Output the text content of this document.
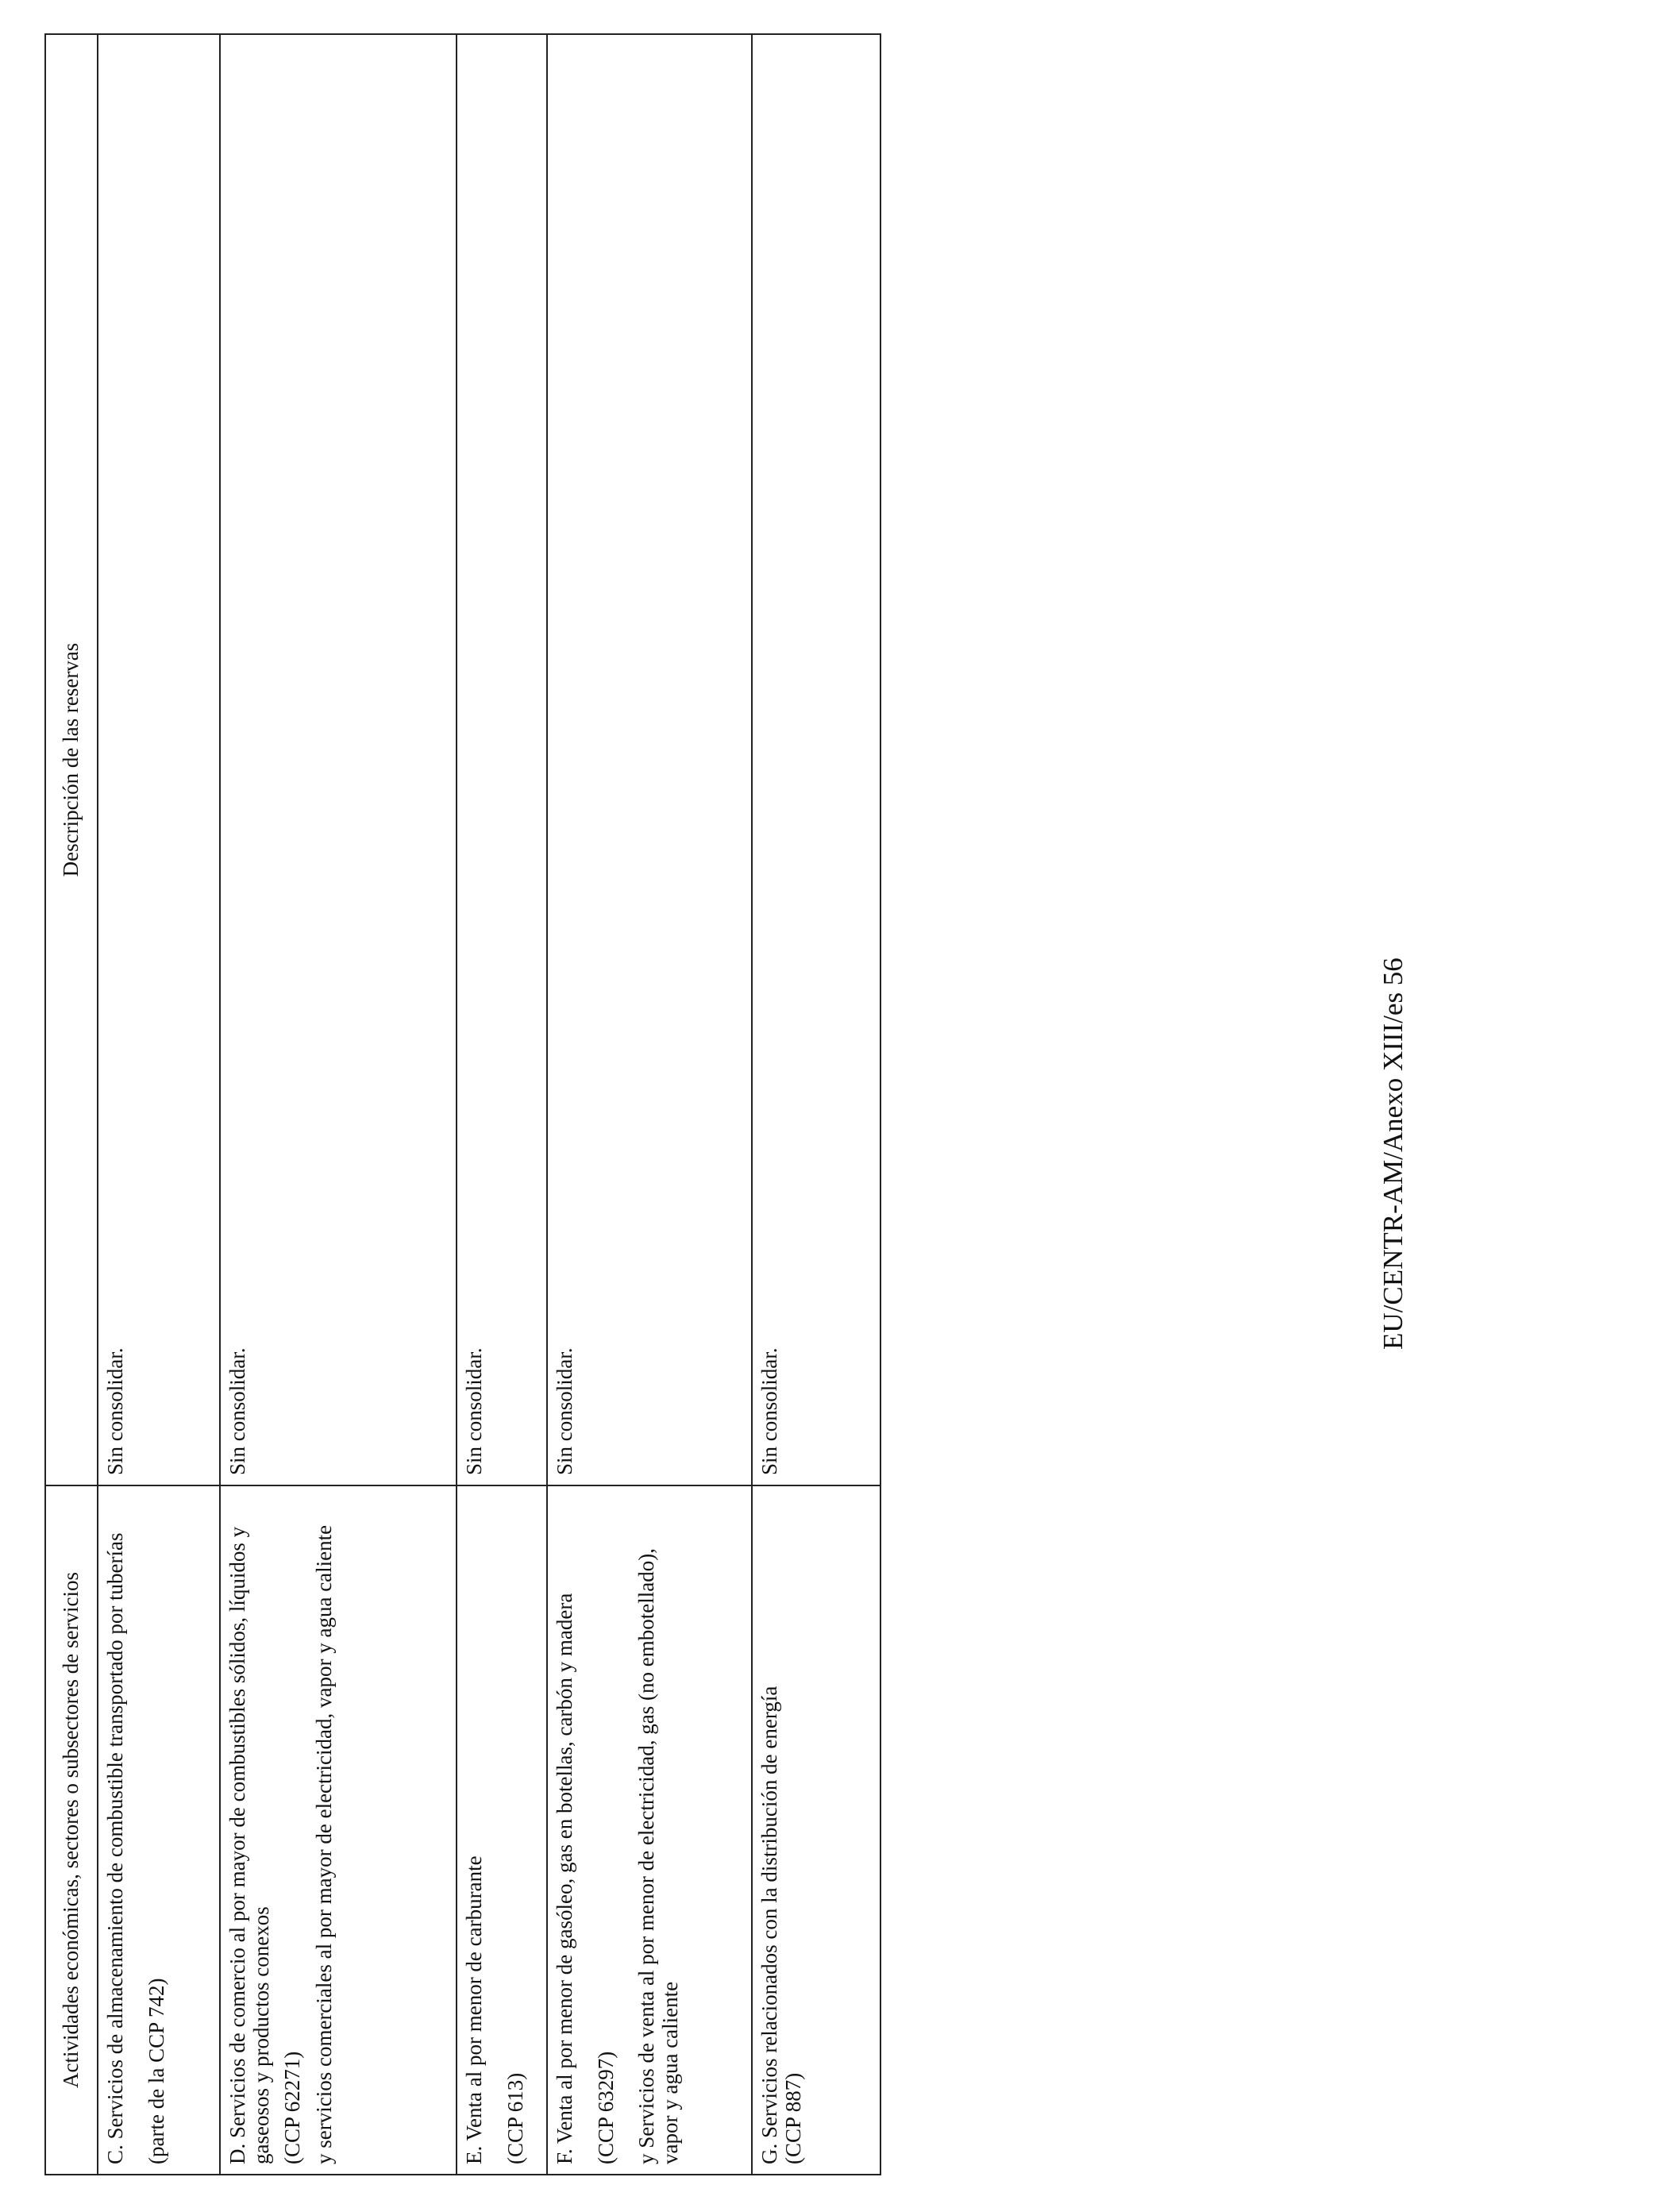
Actividades económicas, sectores o subsectores de servicios	Descripción de las reservas

C. Servicios de almacenamiento de combustible transportado por tuberías (parte de la CCP 742)	Sin consolidar.

D. Servicios de comercio al por mayor de combustibles sólidos, líquidos y gaseosos y productos conexos (CCP 62271) y servicios comerciales al por mayor de electricidad, vapor y agua caliente	Sin consolidar.

E. Venta al por menor de carburante (CCP 613)	Sin consolidar.

F. Venta al por menor de gasóleo, gas en botellas, carbón y madera (CCP 63297) y Servicios de venta al por menor de electricidad, gas (no embotellado), vapor y agua caliente	Sin consolidar.

G. Servicios relacionados con la distribución de energía (CCP 887)	Sin consolidar.
EU/CENTR-AM/Anexo XIII/es 56
